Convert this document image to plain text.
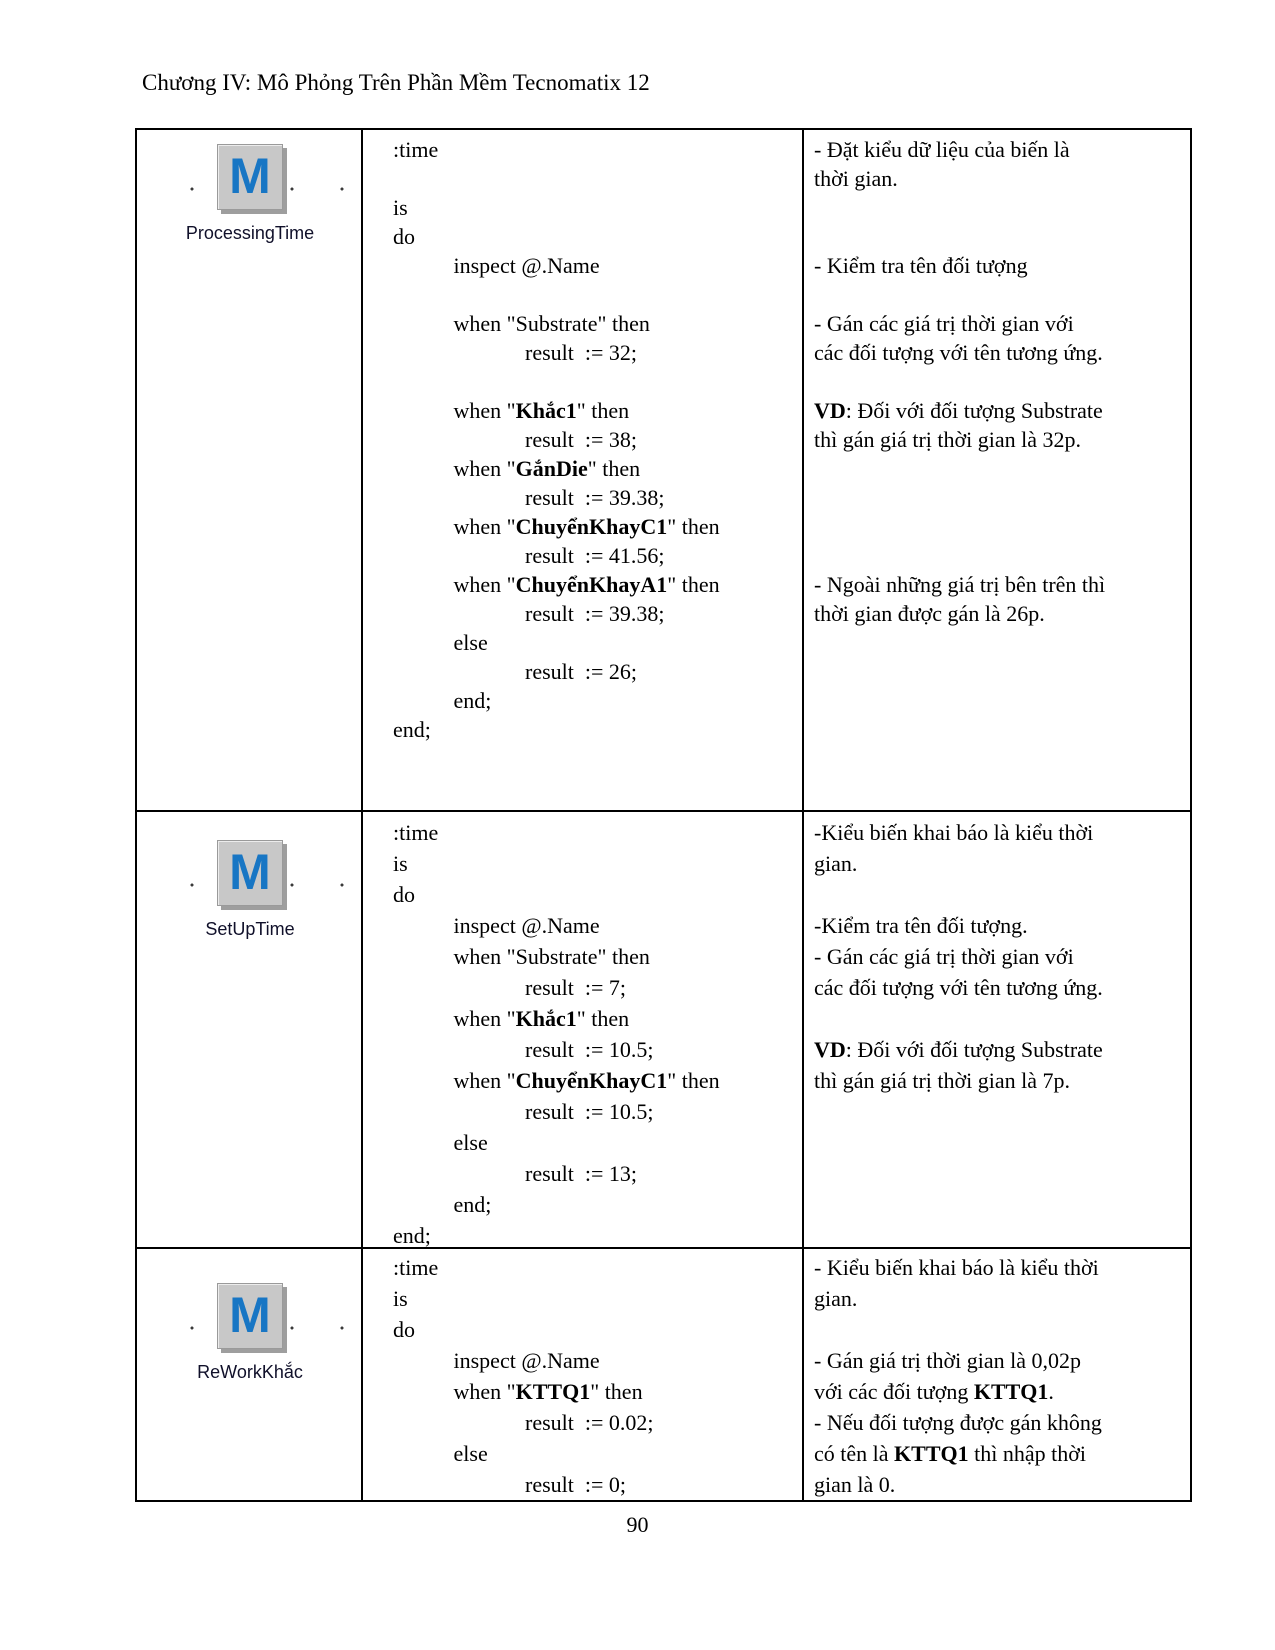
Chương IV: Mô Phỏng Trên Phần Mềm Tecnomatix 12
M
ProcessingTime
:time

is
do
inspect @.Name

when "Substrate" then
result  := 32;

when "Khắc1" then
result  := 38;
when "GắnDie" then
result  := 39.38;
when "ChuyểnKhayC1" then
result  := 41.56;
when "ChuyểnKhayA1" then
result  := 39.38;
else
result  := 26;
end;
end;
- Đặt kiểu dữ liệu của biến là
thời gian.

- Kiểm tra tên đối tượng

- Gán các giá trị thời gian với
các đối tượng với tên tương ứng.

VD: Đối với đối tượng Substrate
thì gán giá trị thời gian là 32p.

- Ngoài những giá trị bên trên thì
thời gian được gán là 26p.
M
SetUpTime
:time
is
do
inspect @.Name
when "Substrate" then
result  := 7;
when "Khắc1" then
result  := 10.5;
when "ChuyểnKhayC1" then
result  := 10.5;
else
result  := 13;
end;
end;
-Kiểu biến khai báo là kiểu thời
gian.

-Kiểm tra tên đối tượng.
- Gán các giá trị thời gian với
các đối tượng với tên tương ứng.

VD: Đối với đối tượng Substrate
thì gán giá trị thời gian là 7p.
M
ReWorkKhắc
:time
is
do
inspect @.Name
when "KTTQ1" then
result  := 0.02;
else
result  := 0;
- Kiểu biến khai báo là kiểu thời
gian.

- Gán giá trị thời gian là 0,02p
với các đối tượng KTTQ1.
- Nếu đối tượng được gán không
có tên là KTTQ1 thì nhập thời
gian là 0.
90
